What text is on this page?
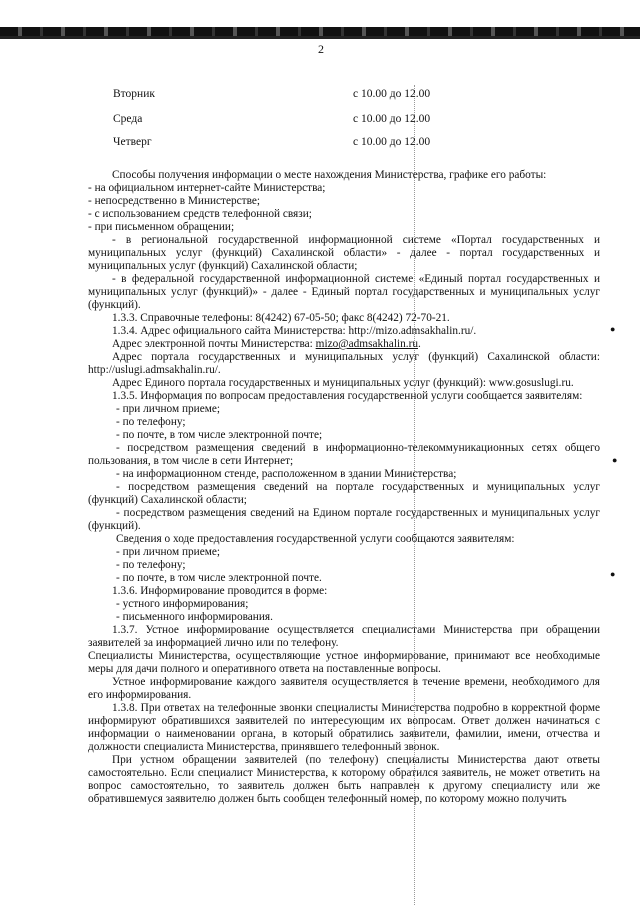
2
Вторник	с 10.00 до 12.00
Среда	с 10.00 до 12.00
Четверг	с 10.00 до 12.00

Способы получения информации о месте нахождения Министерства, графике его работы:

- на официальном интернет-сайте Министерства;

- непосредственно в Министерстве;

- с использованием средств телефонной связи;

- при письменном обращении;

- в региональной государственной информационной системе «Портал государственных и муниципальных услуг (функций) Сахалинской области» - далее - портал государственных и муниципальных услуг (функций) Сахалинской области;

- в федеральной государственной информационной системе «Единый портал государственных и муниципальных услуг (функций)» - далее - Единый портал государственных и муниципальных услуг (функций).

1.3.3. Справочные телефоны: 8(4242) 67-05-50; факс 8(4242) 72-70-21.

1.3.4. Адрес официального сайта Министерства: http://mizo.admsakhalin.ru/.

Адрес электронной почты Министерства: mizo@admsakhalin.ru.

Адрес портала государственных и муниципальных услуг (функций) Сахалинской области: http://uslugi.admsakhalin.ru/.

Адрес Единого портала государственных и муниципальных услуг (функций): www.gosuslugi.ru.

1.3.5. Информация по вопросам предоставления государственной услуги сообщается заявителям:

- при личном приеме;

- по телефону;

- по почте, в том числе электронной почте;

- посредством размещения сведений в информационно-телекоммуникационных сетях общего пользования, в том числе в сети Интернет;

- на информационном стенде, расположенном в здании Министерства;

- посредством размещения сведений на портале государственных и муниципальных услуг (функций) Сахалинской области;

- посредством размещения сведений на Едином портале государственных и муниципальных услуг (функций).

Сведения о ходе предоставления государственной услуги сообщаются заявителям:

- при личном приеме;

- по телефону;

- по почте, в том числе электронной почте.

1.3.6. Информирование проводится в форме:

- устного информирования;

- письменного информирования.

1.3.7. Устное информирование осуществляется специалистами Министерства при обращении заявителей за информацией лично или по телефону.

Специалисты Министерства, осуществляющие устное информирование, принимают все необходимые меры для дачи полного и оперативного ответа на поставленные вопросы.

Устное информирование каждого заявителя осуществляется в течение времени, необходимого для его информирования.

1.3.8. При ответах на телефонные звонки специалисты Министерства подробно в корректной форме информируют обратившихся заявителей по интересующим их вопросам. Ответ должен начинаться с информации о наименовании органа, в который обратились заявители, фамилии, имени, отчества и должности специалиста Министерства, принявшего телефонный звонок.

При устном обращении заявителей (по телефону) специалисты Министерства дают ответы самостоятельно. Если специалист Министерства, к которому обратился заявитель, не может ответить на вопрос самостоятельно, то заявитель должен быть направлен к другому специалисту или же обратившемуся заявителю должен быть сообщен телефонный номер, по которому можно получить

●
●
●
